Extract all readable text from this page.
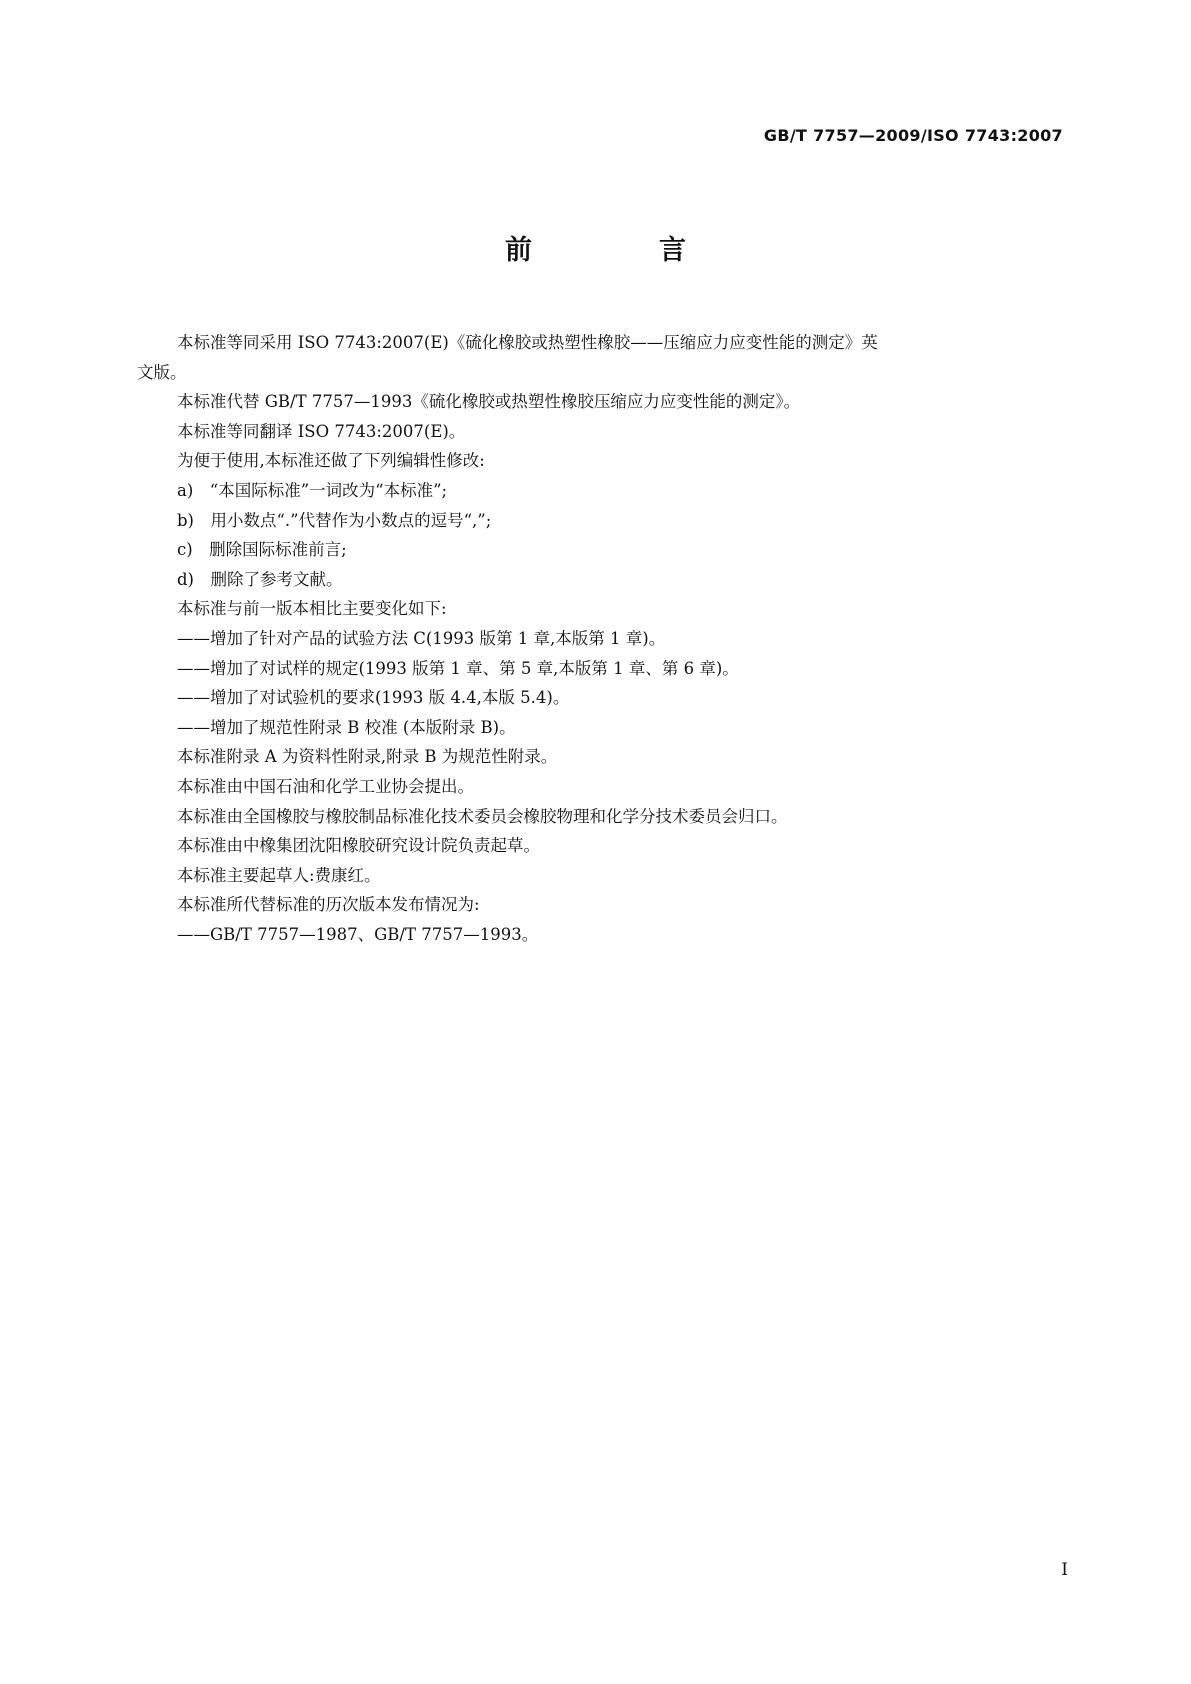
GB/T 7757—2009/ISO 7743:2007
前　言

本标准等同采用 ISO 7743:2007(E)《硫化橡胶或热塑性橡胶——压缩应力应变性能的测定》英

文版。

本标准代替 GB/T 7757—1993《硫化橡胶或热塑性橡胶压缩应力应变性能的测定》。

本标准等同翻译 ISO 7743:2007(E)。

为便于使用,本标准还做了下列编辑性修改:

a)　“本国际标准”一词改为“本标准”;

b)　用小数点“.”代替作为小数点的逗号“,”;

c)　删除国际标准前言;

d)　删除了参考文献。

本标准与前一版本相比主要变化如下:

——增加了针对产品的试验方法 C(1993 版第 1 章,本版第 1 章)。

——增加了对试样的规定(1993 版第 1 章、第 5 章,本版第 1 章、第 6 章)。

——增加了对试验机的要求(1993 版 4.4,本版 5.4)。

——增加了规范性附录 B 校准 (本版附录 B)。

本标准附录 A 为资料性附录,附录 B 为规范性附录。

本标准由中国石油和化学工业协会提出。

本标准由全国橡胶与橡胶制品标准化技术委员会橡胶物理和化学分技术委员会归口。

本标准由中橡集团沈阳橡胶研究设计院负责起草。

本标准主要起草人:费康红。

本标准所代替标准的历次版本发布情况为:

——GB/T 7757—1987、GB/T 7757—1993。

I
